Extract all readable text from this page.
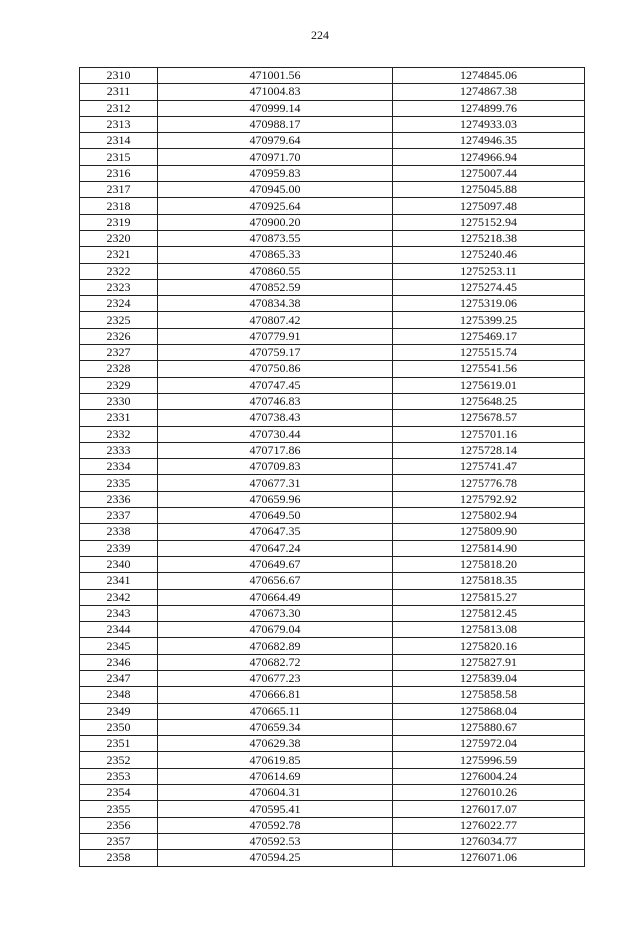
224
2310	471001.56	1274845.06
2311	471004.83	1274867.38
2312	470999.14	1274899.76
2313	470988.17	1274933.03
2314	470979.64	1274946.35
2315	470971.70	1274966.94
2316	470959.83	1275007.44
2317	470945.00	1275045.88
2318	470925.64	1275097.48
2319	470900.20	1275152.94
2320	470873.55	1275218.38
2321	470865.33	1275240.46
2322	470860.55	1275253.11
2323	470852.59	1275274.45
2324	470834.38	1275319.06
2325	470807.42	1275399.25
2326	470779.91	1275469.17
2327	470759.17	1275515.74
2328	470750.86	1275541.56
2329	470747.45	1275619.01
2330	470746.83	1275648.25
2331	470738.43	1275678.57
2332	470730.44	1275701.16
2333	470717.86	1275728.14
2334	470709.83	1275741.47
2335	470677.31	1275776.78
2336	470659.96	1275792.92
2337	470649.50	1275802.94
2338	470647.35	1275809.90
2339	470647.24	1275814.90
2340	470649.67	1275818.20
2341	470656.67	1275818.35
2342	470664.49	1275815.27
2343	470673.30	1275812.45
2344	470679.04	1275813.08
2345	470682.89	1275820.16
2346	470682.72	1275827.91
2347	470677.23	1275839.04
2348	470666.81	1275858.58
2349	470665.11	1275868.04
2350	470659.34	1275880.67
2351	470629.38	1275972.04
2352	470619.85	1275996.59
2353	470614.69	1276004.24
2354	470604.31	1276010.26
2355	470595.41	1276017.07
2356	470592.78	1276022.77
2357	470592.53	1276034.77
2358	470594.25	1276071.06
